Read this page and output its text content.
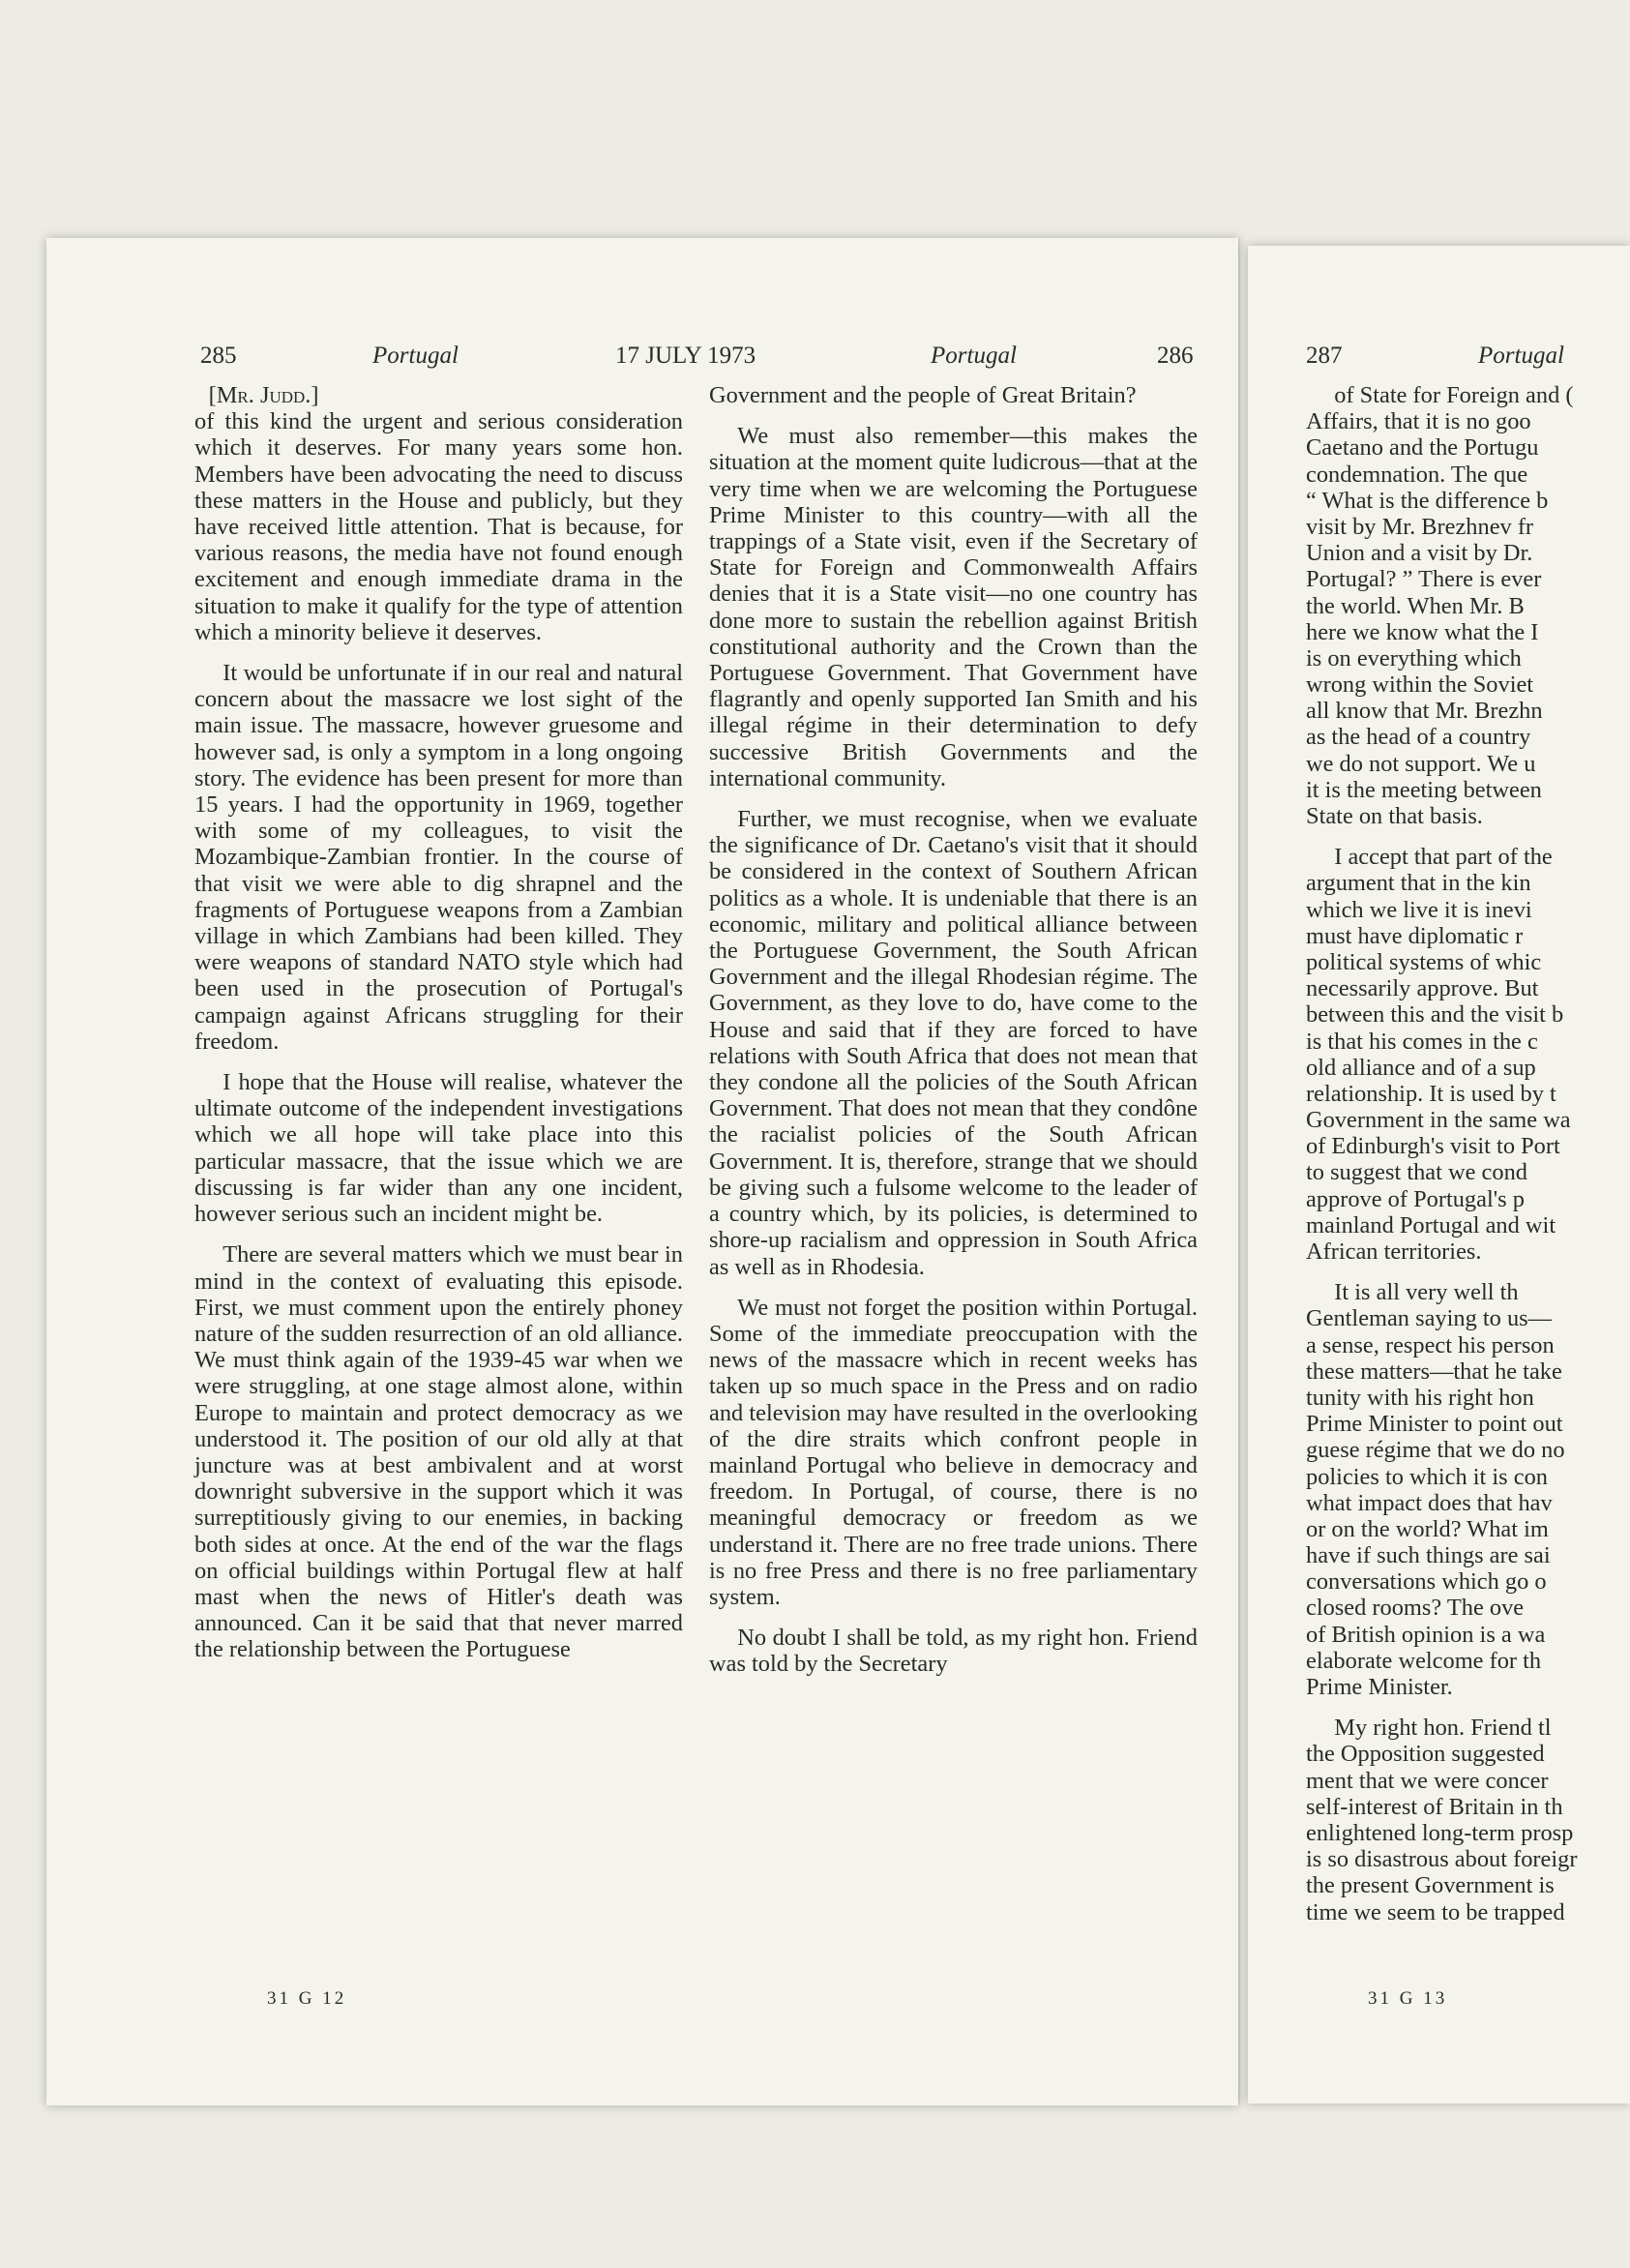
285	Portugal	17 JULY 1973	Portugal	286	287	Portugal

[Mr. Judd.]

of this kind the urgent and serious consideration which it deserves. For many years some hon. Members have been advocating the need to discuss these matters in the House and publicly, but they have received little attention. That is because, for various reasons, the media have not found enough excitement and enough immediate drama in the situation to make it qualify for the type of attention which a minority believe it deserves.

It would be unfortunate if in our real and natural concern about the massacre we lost sight of the main issue. The massacre, however gruesome and however sad, is only a symptom in a long ongoing story. The evidence has been present for more than 15 years. I had the opportunity in 1969, together with some of my colleagues, to visit the Mozambique-Zambian frontier. In the course of that visit we were able to dig shrapnel and the fragments of Portuguese weapons from a Zambian village in which Zambians had been killed. They were weapons of standard NATO style which had been used in the prosecution of Portugal's campaign against Africans struggling for their freedom.

I hope that the House will realise, whatever the ultimate outcome of the independent investigations which we all hope will take place into this particular massacre, that the issue which we are discussing is far wider than any one incident, however serious such an incident might be.

There are several matters which we must bear in mind in the context of evaluating this episode. First, we must comment upon the entirely phoney nature of the sudden resurrection of an old alliance. We must think again of the 1939-45 war when we were struggling, at one stage almost alone, within Europe to maintain and protect democracy as we understood it. The position of our old ally at that juncture was at best ambivalent and at worst downright subversive in the support which it was surreptitiously giving to our enemies, in backing both sides at once. At the end of the war the flags on official buildings within Portugal flew at half mast when the news of Hitler's death was announced. Can it be said that that never marred the relationship between the Portuguese

31 G 12

Government and the people of Great Britain?

We must also remember—this makes the situation at the moment quite ludicrous—that at the very time when we are welcoming the Portuguese Prime Minister to this country—with all the trappings of a State visit, even if the Secretary of State for Foreign and Commonwealth Affairs denies that it is a State visit—no one country has done more to sustain the rebellion against British constitutional authority and the Crown than the Portuguese Government. That Government have flagrantly and openly supported Ian Smith and his illegal régime in their determination to defy successive British Governments and the international community.

Further, we must recognise, when we evaluate the significance of Dr. Caetano's visit that it should be considered in the context of Southern African politics as a whole. It is undeniable that there is an economic, military and political alliance between the Portuguese Government, the South African Government and the illegal Rhodesian régime. The Government, as they love to do, have come to the House and said that if they are forced to have relations with South Africa that does not mean that they condone all the policies of the South African Government. That does not mean that they condône the racialist policies of the South African Government. It is, therefore, strange that we should be giving such a fulsome welcome to the leader of a country which, by its policies, is determined to shore-up racialism and oppression in South Africa as well as in Rhodesia.

We must not forget the position within Portugal. Some of the immediate preoccupation with the news of the massacre which in recent weeks has taken up so much space in the Press and on radio and television may have resulted in the overlooking of the dire straits which confront people in mainland Portugal who believe in democracy and freedom. In Portugal, of course, there is no meaningful democracy or freedom as we understand it. There are no free trade unions. There is no free Press and there is no free parliamentary system.

No doubt I shall be told, as my right hon. Friend was told by the Secretary

of State for Foreign and (
Affairs, that it is no goo
Caetano and the Portugu
condemnation. The que
“ What is the difference b
visit by Mr. Brezhnev fr
Union and a visit by Dr.
Portugal? ” There is ever
the world. When Mr. B
here we know what the I
is on everything which
wrong within the Soviet
all know that Mr. Brezhn
as the head of a country
we do not support. We u
it is the meeting between
State on that basis.
I accept that part of the
argument that in the kin
which we live it is inevi
must have diplomatic r
political systems of whic
necessarily approve. But
between this and the visit b
is that his comes in the c
old alliance and of a sup
relationship. It is used by t
Government in the same wa
of Edinburgh's visit to Port
to suggest that we cond
approve of Portugal's p
mainland Portugal and wit
African territories.
It is all very well th
Gentleman saying to us—
a sense, respect his person
these matters—that he take
tunity with his right hon
Prime Minister to point out
guese régime that we do no
policies to which it is con
what impact does that hav
or on the world? What im
have if such things are sai
conversations which go o
closed rooms? The ove
of British opinion is a wa
elaborate welcome for th
Prime Minister.
My right hon. Friend tl
the Opposition suggested
ment that we were concer
self-interest of Britain in th
enlightened long-term prosp
is so disastrous about foreigr
the present Government is
time we seem to be trapped
31 G 13
